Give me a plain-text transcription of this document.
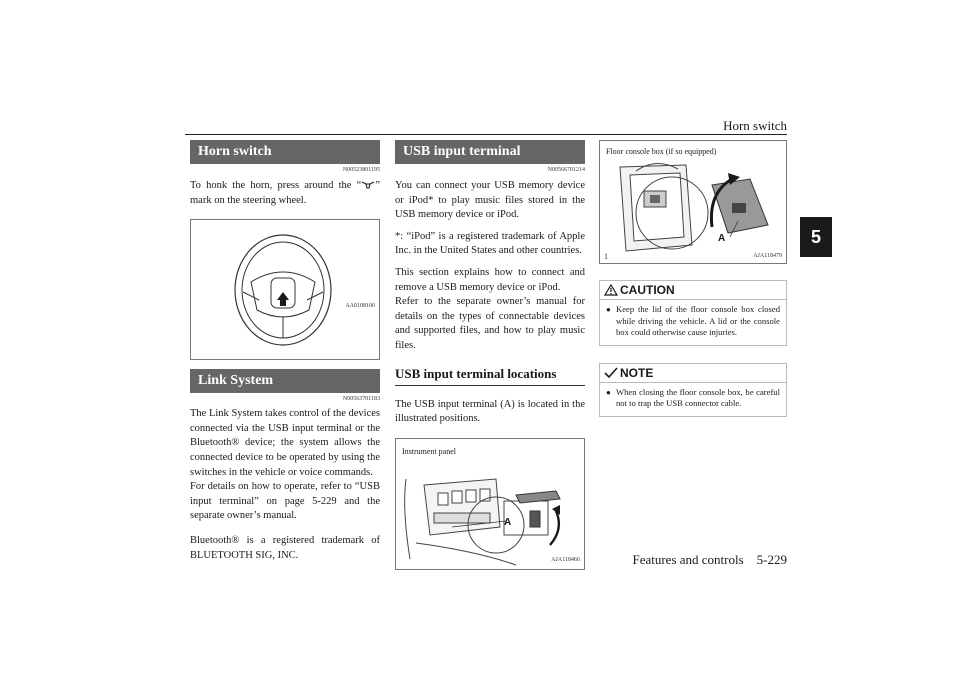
Horn switch
5
Horn switch
N00523801195
To honk the horn, press around the “ ” mark on the steering wheel.
AA0108106
Link System
N00563701183
The Link System takes control of the devices connected via the USB input terminal or the Bluetooth® device; the system allows the connected device to be operated by using the switches in the vehicle or voice commands.
For details on how to operate, refer to “USB input terminal” on page 5-229 and the separate owner’s manual.
Bluetooth® is a registered trademark of BLUETOOTH SIG, INC.
USB input terminal
N00566701214
You can connect your USB memory device or iPod* to play music files stored in the USB memory device or iPod.
*: “iPod” is a registered trademark of Apple Inc. in the United States and other countries.
This section explains how to connect and remove a USB memory device or iPod.
Refer to the separate owner’s manual for details on the types of connectable devices and supported files, and how to play music files.
USB input terminal locations
The USB input terminal (A) is located in the illustrated positions.
Instrument panel
A
AJA118466
Floor console box (if so equipped)
1
A
AJA118479
CAUTION
● Keep the lid of the floor console box closed while driving the vehicle. A lid or the console box could otherwise cause injuries.
NOTE
● When closing the floor console box, be careful not to trap the USB connector cable.
Features and controls    5-229
